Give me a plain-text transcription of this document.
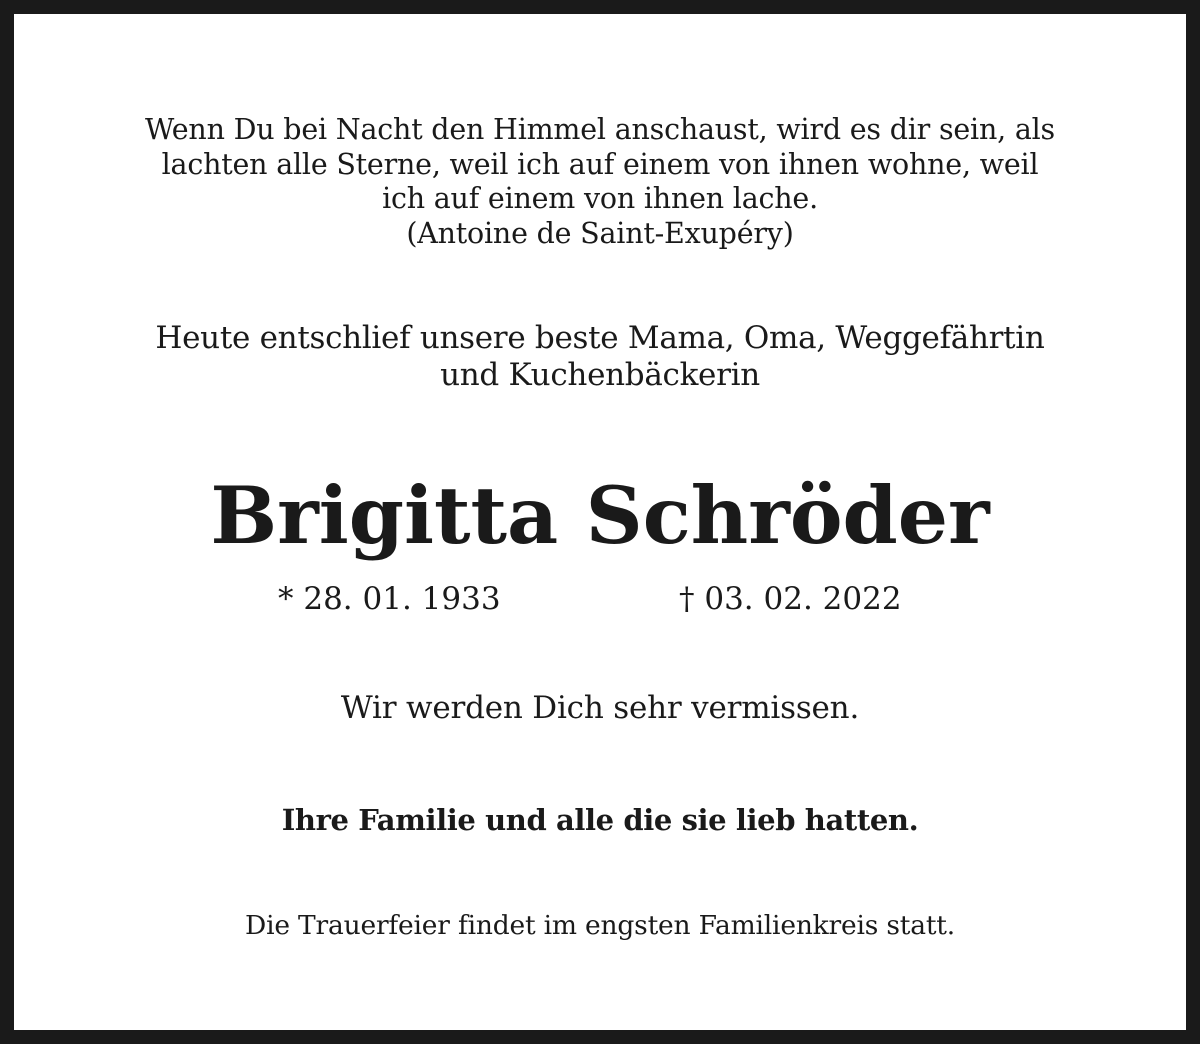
Wenn Du bei Nacht den Himmel anschaust, wird es dir sein, als
lachten alle Sterne, weil ich auf einem von ihnen wohne, weil
ich auf einem von ihnen lache.
(Antoine de Saint-Exupéry)
Heute entschlief unsere beste Mama, Oma, Weggefährtin
und Kuchenbäckerin
Brigitta Schröder
* 28. 01. 1933	† 03. 02. 2022
Wir werden Dich sehr vermissen.
Ihre Familie und alle die sie lieb hatten.
Die Trauerfeier findet im engsten Familienkreis statt.
